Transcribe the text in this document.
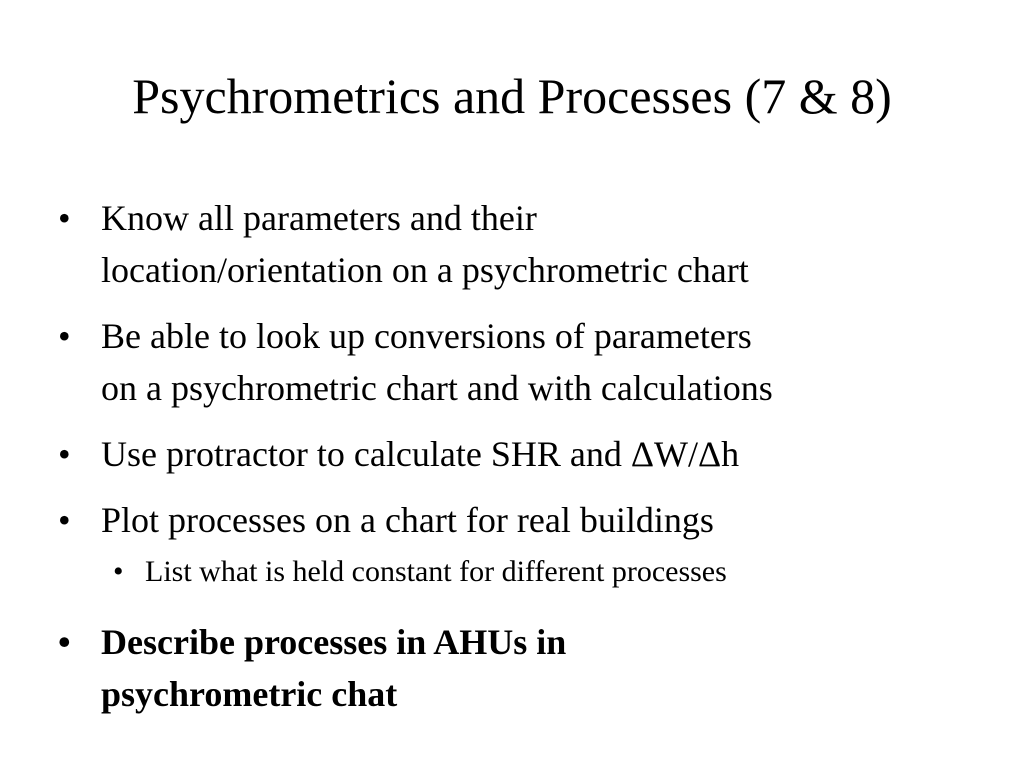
Psychrometrics and Processes (7 & 8)
• Know all parameters and their
location/orientation on a psychrometric chart
• Be able to look up conversions of parameters
on a psychrometric chart and with calculations
• Use protractor to calculate SHR and ΔW/Δh
• Plot processes on a chart for real buildings
• List what is held constant for different processes
• Describe processes in AHUs in
psychrometric chat
